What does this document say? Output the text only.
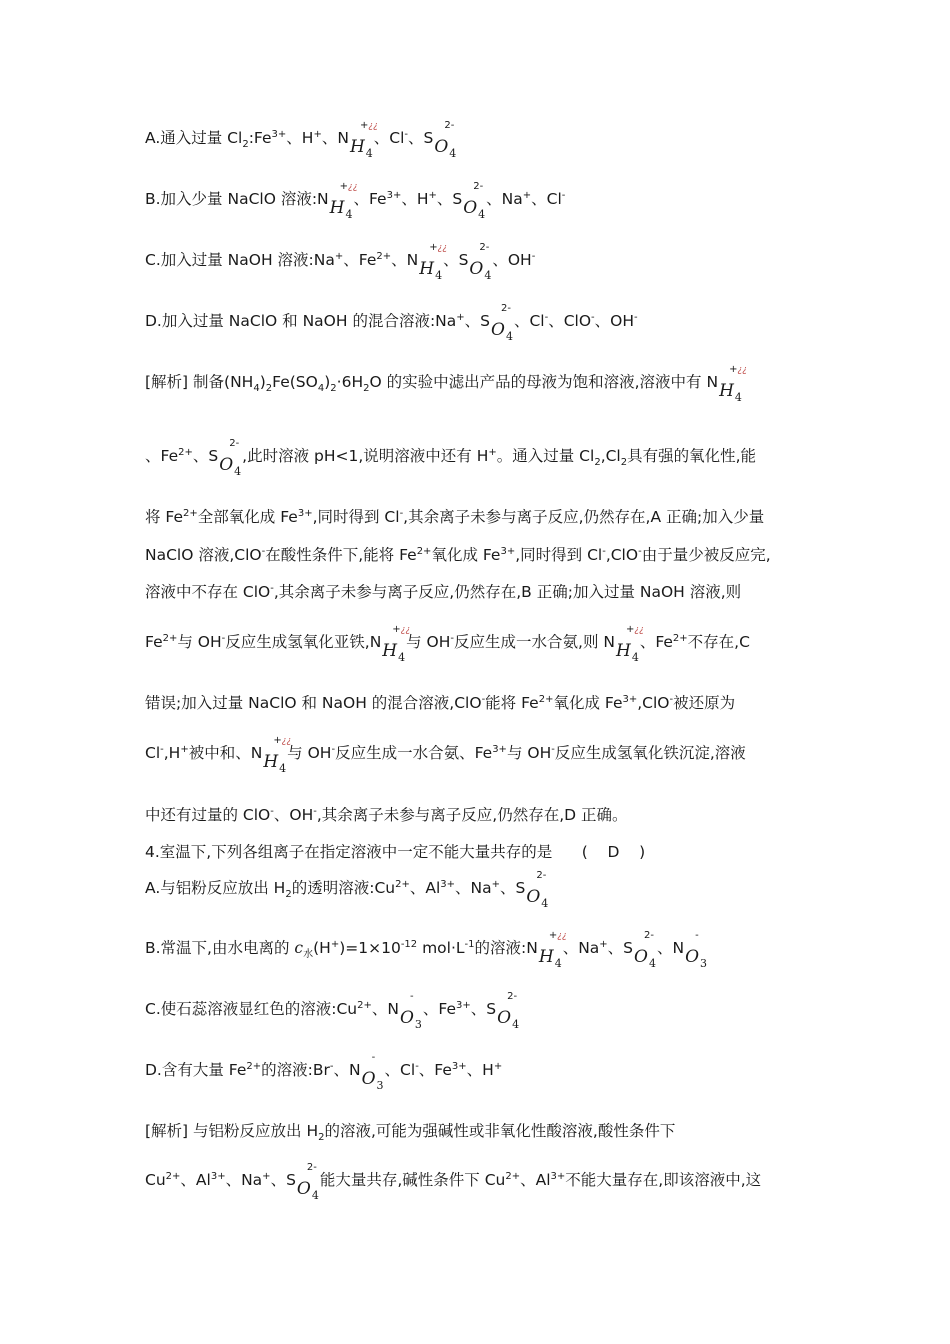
A.通入过量 $Cl_2:Fe^{3+}$、H+、$NH_4$
+¿¿
、Cl-、$SO_4$
2-
B.加入少量 NaClO 溶液$:NH_4$
+¿¿
、$Fe^{3+}$、H+、$SO_4$
2-
、Na+、Cl-
C.加入过量 NaOH 溶液:Na+、$Fe^{2+}$、$NH_4$
+¿¿
、$SO_4$
2-
、OH-
D.加入过量 NaClO 和 NaOH 的混合溶液:Na+、$SO_4$
2-
、Cl-、ClO-、OH-
[解析] 制备$(NH_4)_2Fe(SO_4)_2\cdot 6H_2O$ 的实验中滤出产品的母液为饱和溶液,溶液中有 $NH_4$
+¿¿
、$Fe^{2+}$、$SO_4$
2-
,此时溶液 pH<1,说明溶液中还有 H+。通入过量 $Cl_2,Cl_2$具有强的氧化性,能
将 $Fe^{2+}$全部氧化成 $Fe^{3+}$,同时得到 Cl-,其余离子未参与离子反应,仍然存在,A 正确;加入少量
NaClO 溶液,ClO-在酸性条件下,能将 $Fe^{2+}$氧化成 $Fe^{3+}$,同时得到 Cl-,ClO-由于量少被反应完,
溶液中不存在 ClO-,其余离子未参与离子反应,仍然存在,B 正确;加入过量 NaOH 溶液,则
$Fe^{2+}$与 OH-反应生成氢氧化亚铁$,NH_4$
+¿¿
与 OH-反应生成一水合氨,则 $NH_4$
+¿¿
、$Fe^{2+}$不存在,C
错误;加入过量 NaClO 和 NaOH 的混合溶液,ClO-能将 $Fe^{2+}$氧化成 $Fe^{3+},ClO^-$被还原为
Cl-,H+被中和、$NH_4$
+¿¿
与 OH-反应生成一水合氨、$Fe^{3+}$与 OH-反应生成氢氧化铁沉淀,溶液
中还有过量的 ClO-、OH-,其余离子未参与离子反应,仍然存在,D 正确。
4.室温下,下列各组离子在指定溶液中一定不能大量共存的是      (    D    )
A.与铝粉反应放出 $H_2$的透明溶液$:Cu^{2+}$、$Al^{3+}$、Na+、$SO_4$
2-
B.常温下,由水电离的 $c_水(H^+)=1\times 10^{-12}$ $mol\cdot L^{-1}$的溶液$:NH_4$
+¿¿
、Na+、$SO_4$
2-
、$NO_3$
-
C.使石蕊溶液显红色的溶液$:Cu^{2+}$、$NO_3$
-
、$Fe^{3+}$、$SO_4$
2-
D.含有大量 $Fe^{2+}$的溶液:Br-、$NO_3$
-
、Cl-、$Fe^{3+}$、H+
[解析] 与铝粉反应放出 $H_2$的溶液,可能为强碱性或非氧化性酸溶液,酸性条件下
$Cu^{2+}$、$Al^{3+}$、Na+、$SO_4$
2-
能大量共存,碱性条件下 $Cu^{2+}$、$Al^{3+}$不能大量存在,即该溶液中,这
